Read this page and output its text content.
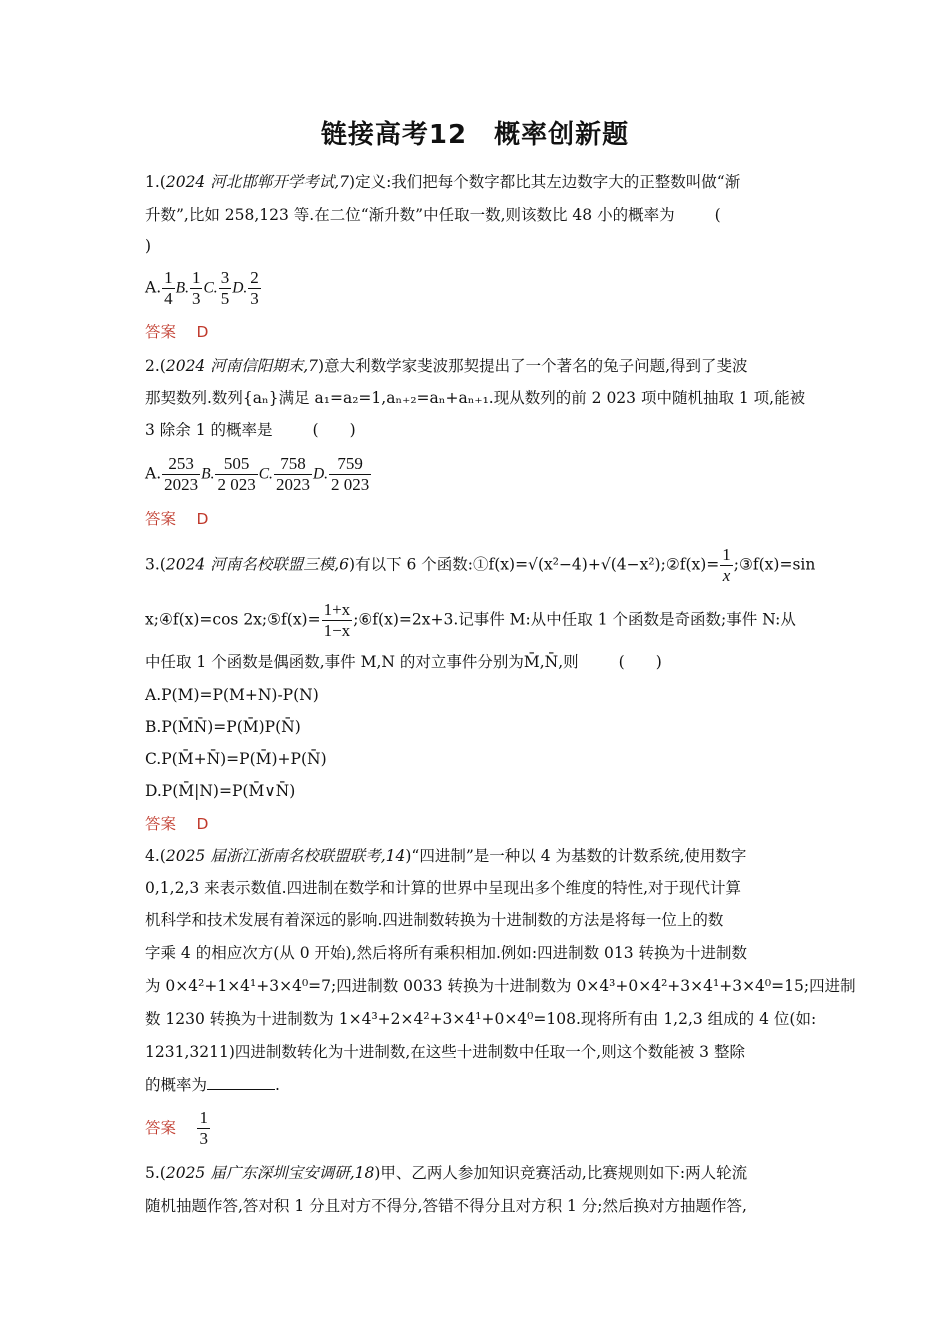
链接高考12　概率创新题
1.(2024 河北邯郸开学考试,7)定义:我们把每个数字都比其左边数字大的正整数叫做“渐
升数”,比如 258,123 等.在二位“渐升数”中任取一数,则该数比 48 小的概率为	(
)
A. $\frac{1}{4} B$. $\frac{1}{3} C$. $\frac{3}{5} D$. $\frac{2}{3}$
答案　 D
2.(2024 河南信阳期末,7)意大利数学家斐波那契提出了一个著名的兔子问题,得到了斐波
那契数列.数列{aₙ}满足 a₁=a₂=1,aₙ₊₂=aₙ+aₙ₊₁.现从数列的前 2 023 项中随机抽取 1 项,能被
3 除余 1 的概率是	(　　)
A. $\frac{253}{2023} B$. $\frac{505}{2 023} C$. $\frac{758}{2023} D$. $\frac{759}{2 023}$
答案　 D
3.(2024 河南名校联盟三模,6)有以下 6 个函数:①f(x)=√(x²−4)+√(4−x²);②f(x)= $\frac{1}{x}$ ;③f(x)=sin
x;④f(x)=cos 2x;⑤f(x)= $\frac{1+x}{1-x}$ ;⑥f(x)=2x+3.记事件 M:从中任取 1 个函数是奇函数;事件 N:从
中任取 1 个函数是偶函数,事件 M,N 的对立事件分别为M̄,N̄,则	(　　)
A.P(M)=P(M+N)-P(N)
B.P(M̄N̄)=P(M̄)P(N̄)
C.P(M̄+N̄)=P(M̄)+P(N̄)
D.P(M̄|N)=P(M̄∨N̄)
答案　 D
4.(2025 届浙江浙南名校联盟联考,14)“四进制”是一种以 4 为基数的计数系统,使用数字
0,1,2,3 来表示数值.四进制在数学和计算的世界中呈现出多个维度的特性,对于现代计算
机科学和技术发展有着深远的影响.四进制数转换为十进制数的方法是将每一位上的数
字乘 4 的相应次方(从 0 开始),然后将所有乘积相加.例如:四进制数 013 转换为十进制数
为 0×4²+1×4¹+3×4⁰=7;四进制数 0033 转换为十进制数为 0×4³+0×4²+3×4¹+3×4⁰=15;四进制
数 1230 转换为十进制数为 1×4³+2×4²+3×4¹+0×4⁰=108.现将所有由 1,2,3 组成的 4 位(如:
1231,3211)四进制数转化为十进制数,在这些十进制数中任取一个,则这个数能被 3 整除
的概率为	.
答案　 $\frac{1}{3}$
5.(2025 届广东深圳宝安调研,18)甲、乙两人参加知识竞赛活动,比赛规则如下:两人轮流
随机抽题作答,答对积 1 分且对方不得分,答错不得分且对方积 1 分;然后换对方抽题作答,
